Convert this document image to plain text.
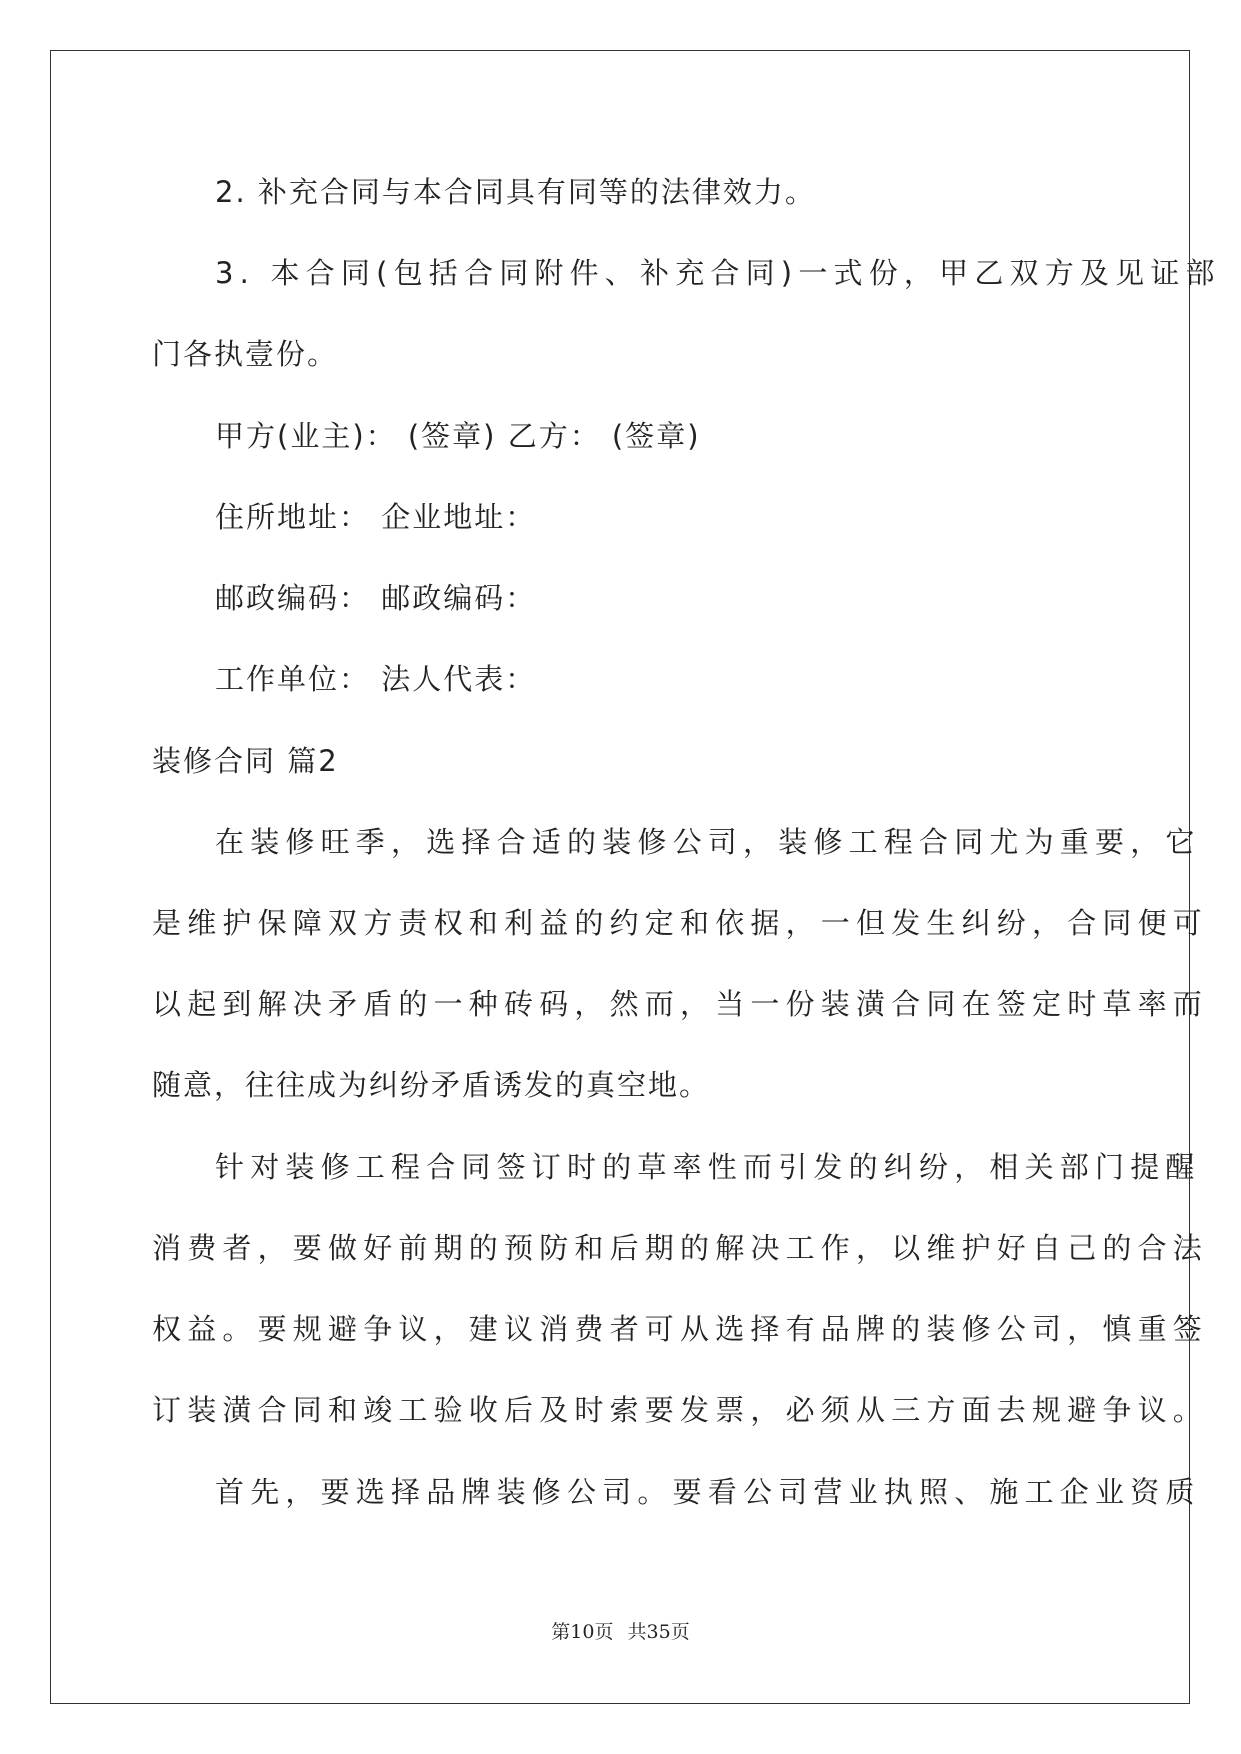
2. 补充合同与本合同具有同等的法律效力。
3. 本合同(包括合同附件、补充合同)一式份，甲乙双方及见证部
门各执壹份。
甲方(业主)： (签章) 乙方： (签章)
住所地址： 企业地址：
邮政编码： 邮政编码：
工作单位： 法人代表：
装修合同 篇2
在装修旺季，选择合适的装修公司，装修工程合同尤为重要，它
是维护保障双方责权和利益的约定和依据，一但发生纠纷，合同便可
以起到解决矛盾的一种砖码，然而，当一份装潢合同在签定时草率而
随意，往往成为纠纷矛盾诱发的真空地。
针对装修工程合同签订时的草率性而引发的纠纷，相关部门提醒
消费者，要做好前期的预防和后期的解决工作，以维护好自己的合法
权益。要规避争议，建议消费者可从选择有品牌的装修公司，慎重签
订装潢合同和竣工验收后及时索要发票，必须从三方面去规避争议。
首先，要选择品牌装修公司。要看公司营业执照、施工企业资质
第10页 共35页
